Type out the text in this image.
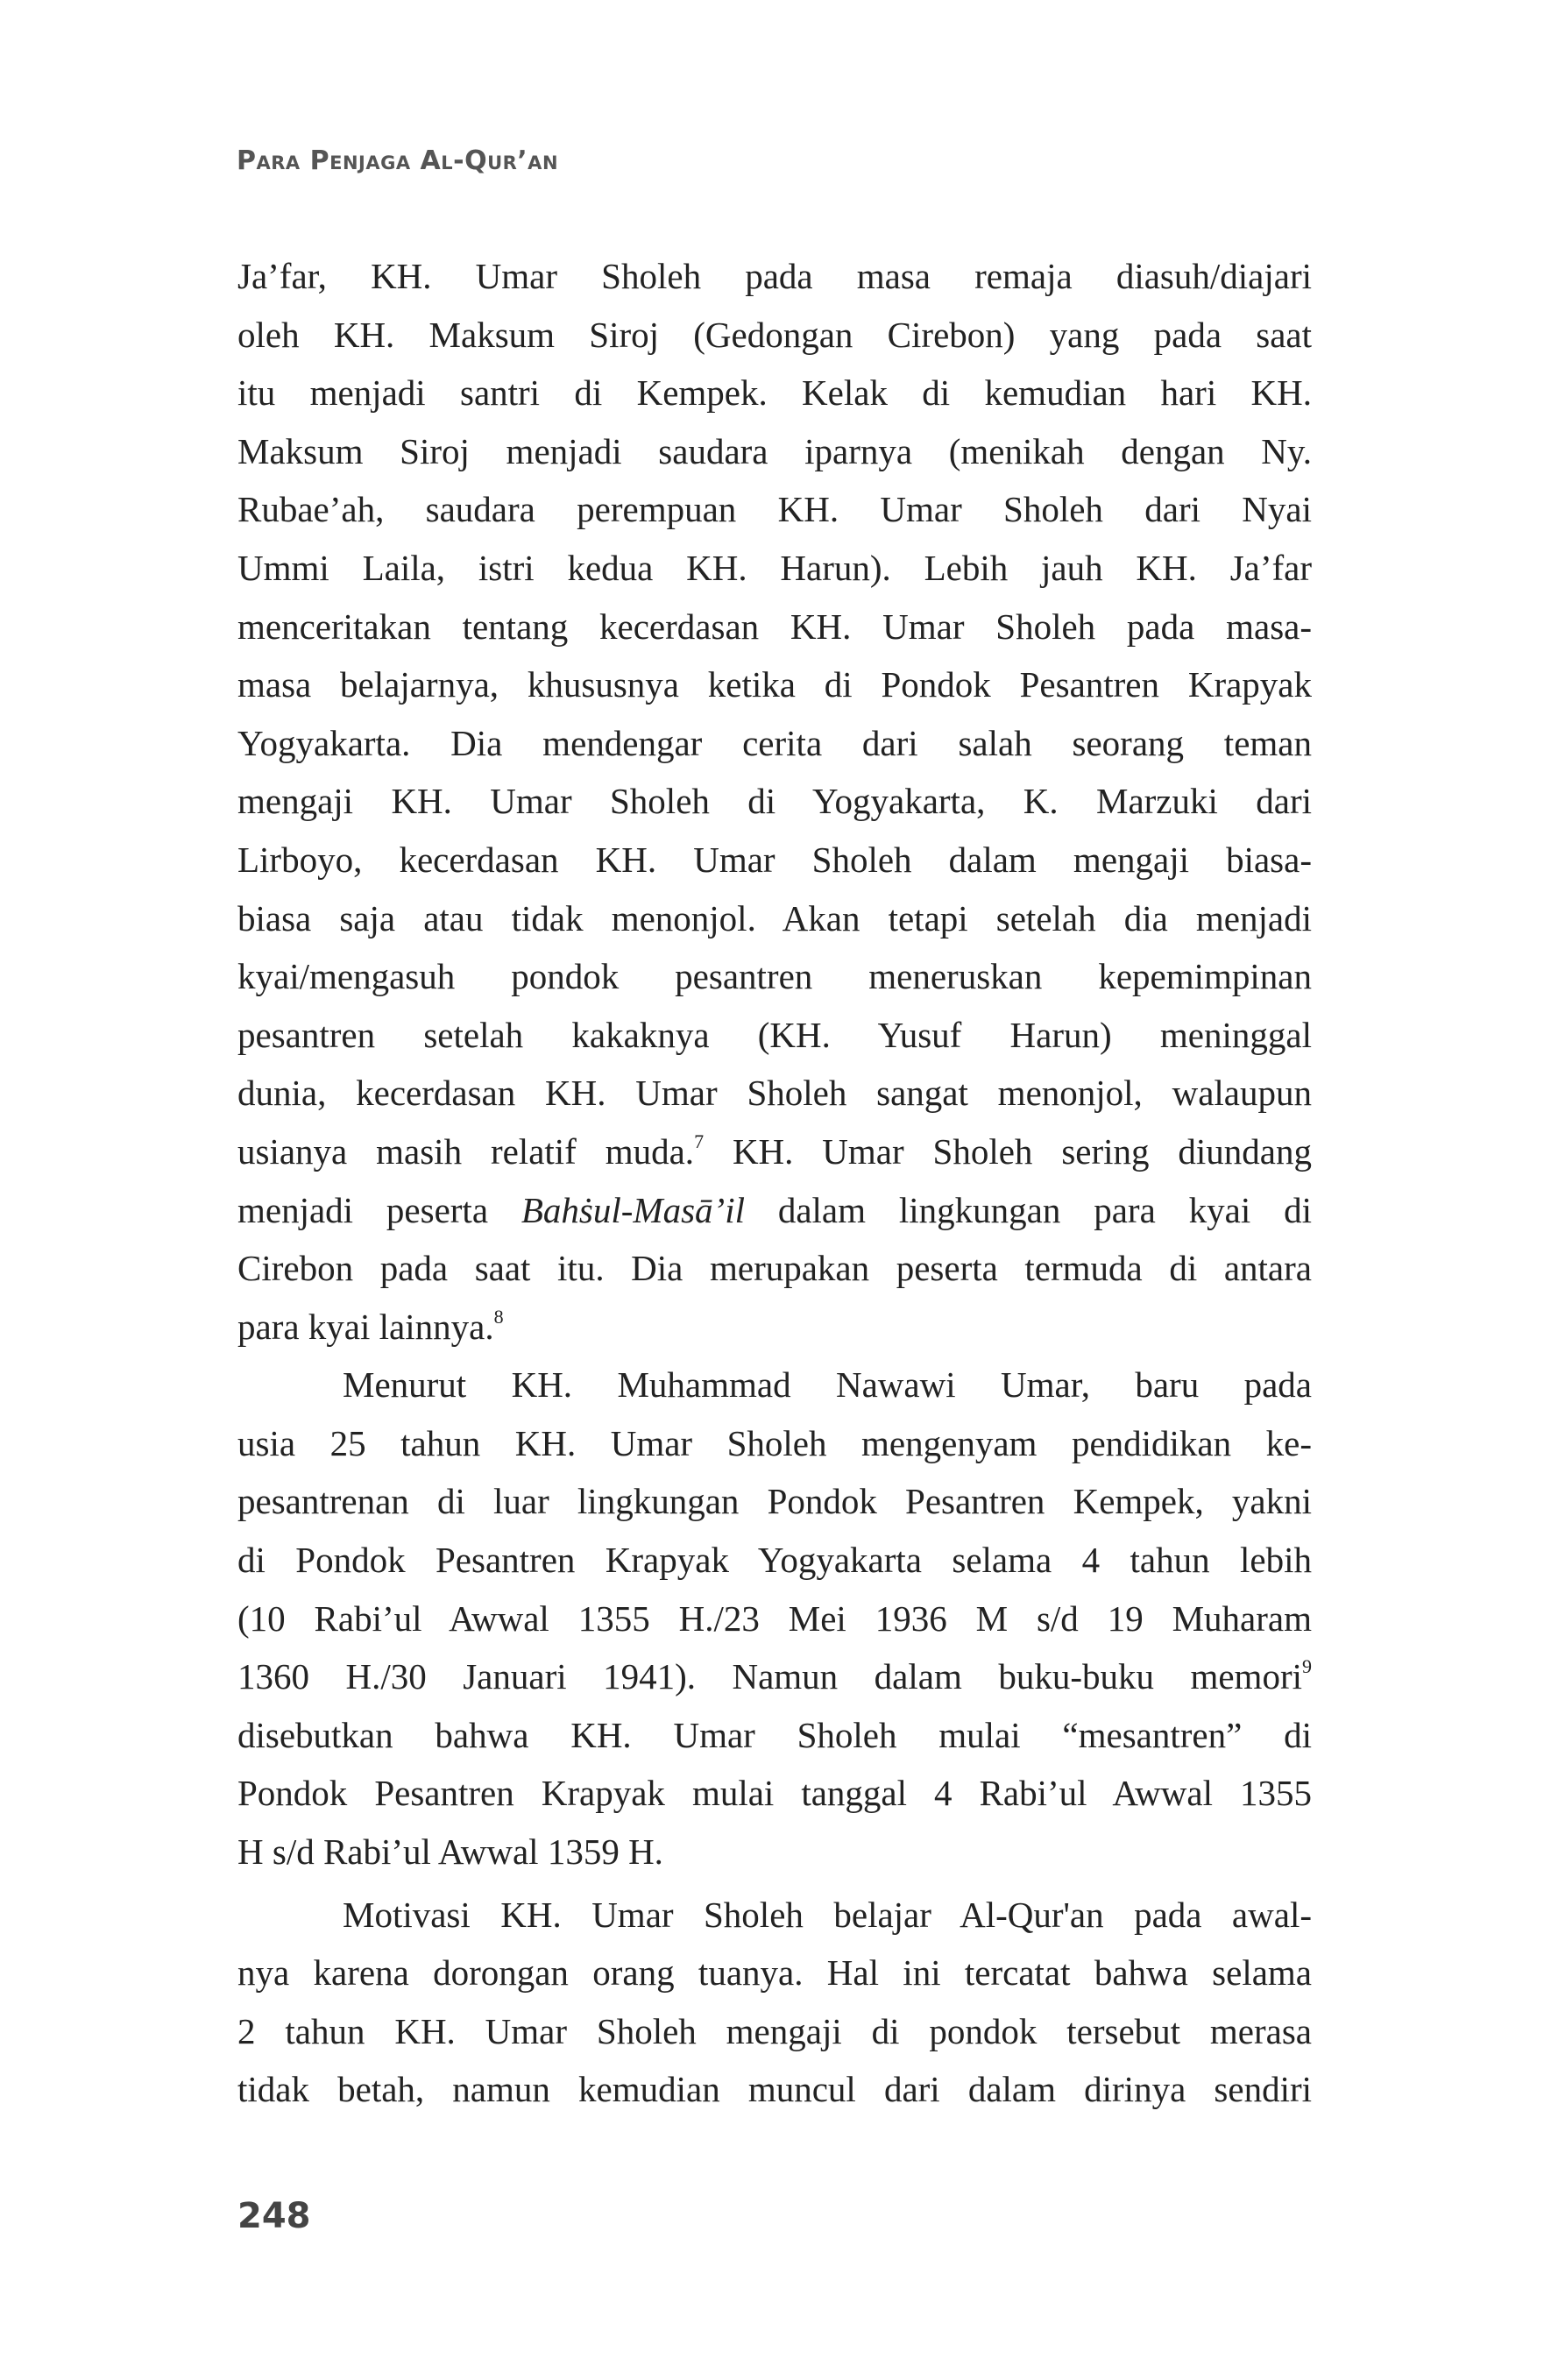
Para Penjaga Al-Qur’an
Ja’far, KH. Umar Sholeh pada masa remaja diasuh/diajari
oleh KH. Maksum Siroj (Gedongan Cirebon) yang pada saat
itu menjadi santri di Kempek. Kelak di kemudian hari KH.
Maksum Siroj menjadi saudara iparnya (menikah dengan Ny.
Rubae’ah, saudara perempuan KH. Umar Sholeh dari Nyai
Ummi Laila, istri kedua KH. Harun). Lebih jauh KH. Ja’far
menceritakan tentang kecerdasan KH. Umar Sholeh pada masa-
masa belajarnya, khususnya ketika di Pondok Pesantren Krapyak
Yogyakarta. Dia mendengar cerita dari salah seorang teman
mengaji KH. Umar Sholeh di Yogyakarta, K. Marzuki dari
Lirboyo, kecerdasan KH. Umar Sholeh dalam mengaji biasa-
biasa saja atau tidak menonjol. Akan tetapi setelah dia menjadi
kyai/mengasuh pondok pesantren meneruskan kepemimpinan
pesantren setelah kakaknya (KH. Yusuf Harun) meninggal
dunia, kecerdasan KH. Umar Sholeh sangat menonjol, walaupun
usianya masih relatif muda.$^7$ KH. Umar Sholeh sering diundang
menjadi peserta Bahṡul-Masā’il dalam lingkungan para kyai di
Cirebon pada saat itu. Dia merupakan peserta termuda di antara
para kyai lainnya.$^8$
Menurut KH. Muhammad Nawawi Umar, baru pada
usia 25 tahun KH. Umar Sholeh mengenyam pendidikan ke-
pesantrenan di luar lingkungan Pondok Pesantren Kempek, yakni
di Pondok Pesantren Krapyak Yogyakarta selama 4 tahun lebih
(10 Rabi’ul Awwal 1355 H./23 Mei 1936 M s/d 19 Muharam
1360 H./30 Januari 1941). Namun dalam buku-buku memori$^9$
disebutkan bahwa KH. Umar Sholeh mulai “mesantren” di
Pondok Pesantren Krapyak mulai tanggal 4 Rabi’ul Awwal 1355
H s/d Rabi’ul Awwal 1359 H.
Motivasi KH. Umar Sholeh belajar Al-Qur'an pada awal-
nya karena dorongan orang tuanya. Hal ini tercatat bahwa selama
2 tahun KH. Umar Sholeh mengaji di pondok tersebut merasa
tidak betah, namun kemudian muncul dari dalam dirinya sendiri
248
